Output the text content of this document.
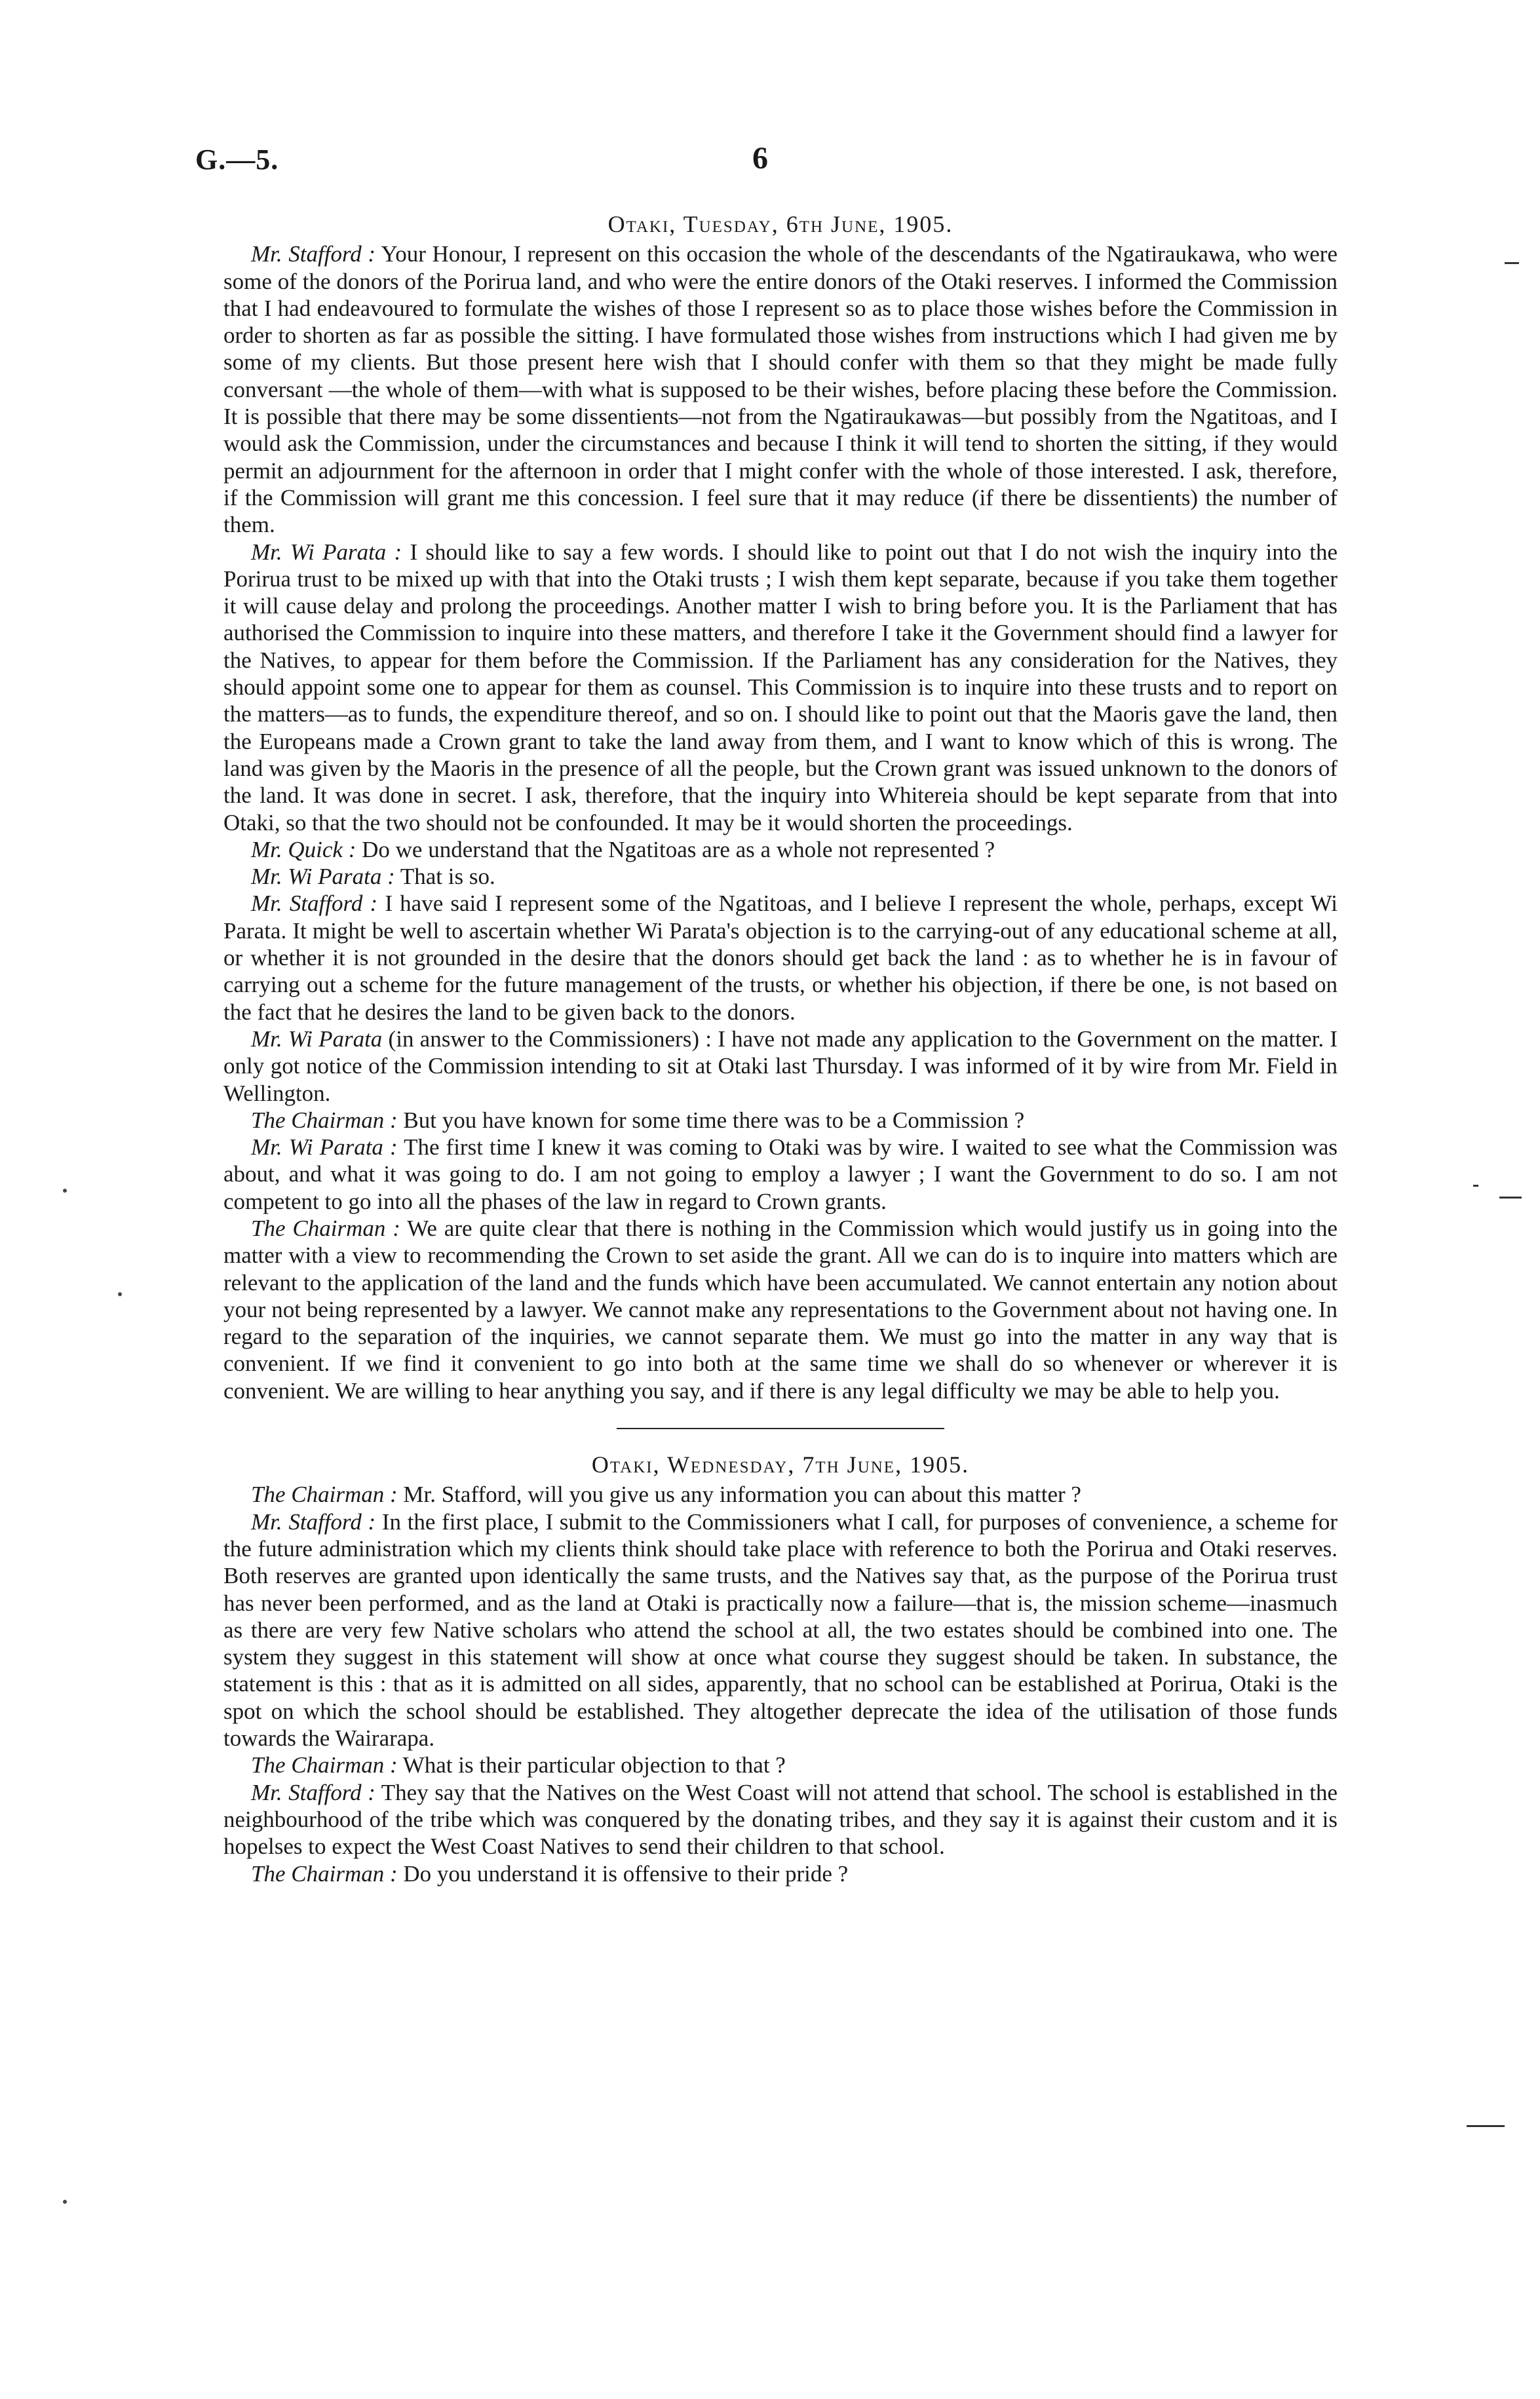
G.—5.	6
Otaki, Tuesday, 6th June, 1905.

Mr. Stafford : Your Honour, I represent on this occasion the whole of the descendants of the Ngatiraukawa, who were some of the donors of the Porirua land, and who were the entire donors of the Otaki reserves. I informed the Commission that I had endeavoured to formulate the wishes of those I represent so as to place those wishes before the Commission in order to shorten as far as possible the sitting. I have formulated those wishes from instructions which I had given me by some of my clients. But those present here wish that I should confer with them so that they might be made fully conversant —the whole of them—with what is supposed to be their wishes, before placing these before the Commission. It is possible that there may be some dissentients—not from the Ngatiraukawas—but possibly from the Ngatitoas, and I would ask the Commission, under the circumstances and because I think it will tend to shorten the sitting, if they would permit an adjournment for the afternoon in order that I might confer with the whole of those interested. I ask, therefore, if the Commission will grant me this concession. I feel sure that it may reduce (if there be dissentients) the number of them.

Mr. Wi Parata : I should like to say a few words. I should like to point out that I do not wish the inquiry into the Porirua trust to be mixed up with that into the Otaki trusts ; I wish them kept separate, because if you take them together it will cause delay and prolong the proceedings. Another matter I wish to bring before you. It is the Parliament that has authorised the Commission to inquire into these matters, and therefore I take it the Government should find a lawyer for the Natives, to appear for them before the Commission. If the Parliament has any consideration for the Natives, they should appoint some one to appear for them as counsel. This Commission is to inquire into these trusts and to report on the matters—as to funds, the expenditure thereof, and so on. I should like to point out that the Maoris gave the land, then the Europeans made a Crown grant to take the land away from them, and I want to know which of this is wrong. The land was given by the Maoris in the presence of all the people, but the Crown grant was issued unknown to the donors of the land. It was done in secret. I ask, therefore, that the inquiry into Whitereia should be kept separate from that into Otaki, so that the two should not be confounded. It may be it would shorten the proceedings.

Mr. Quick : Do we understand that the Ngatitoas are as a whole not represented ?

Mr. Wi Parata : That is so.

Mr. Stafford : I have said I represent some of the Ngatitoas, and I believe I represent the whole, perhaps, except Wi Parata. It might be well to ascertain whether Wi Parata's objection is to the carrying-out of any educational scheme at all, or whether it is not grounded in the desire that the donors should get back the land : as to whether he is in favour of carrying out a scheme for the future management of the trusts, or whether his objection, if there be one, is not based on the fact that he desires the land to be given back to the donors.

Mr. Wi Parata (in answer to the Commissioners) : I have not made any application to the Government on the matter. I only got notice of the Commission intending to sit at Otaki last Thursday. I was informed of it by wire from Mr. Field in Wellington.

The Chairman : But you have known for some time there was to be a Commission ?

Mr. Wi Parata : The first time I knew it was coming to Otaki was by wire. I waited to see what the Commission was about, and what it was going to do. I am not going to employ a lawyer ; I want the Government to do so. I am not competent to go into all the phases of the law in regard to Crown grants.

The Chairman : We are quite clear that there is nothing in the Commission which would justify us in going into the matter with a view to recommending the Crown to set aside the grant. All we can do is to inquire into matters which are relevant to the application of the land and the funds which have been accumulated. We cannot entertain any notion about your not being represented by a lawyer. We cannot make any representations to the Government about not having one. In regard to the separation of the inquiries, we cannot separate them. We must go into the matter in any way that is convenient. If we find it convenient to go into both at the same time we shall do so whenever or wherever it is convenient. We are willing to hear anything you say, and if there is any legal difficulty we may be able to help you.

Otaki, Wednesday, 7th June, 1905.

The Chairman : Mr. Stafford, will you give us any information you can about this matter ?

Mr. Stafford : In the first place, I submit to the Commissioners what I call, for purposes of convenience, a scheme for the future administration which my clients think should take place with reference to both the Porirua and Otaki reserves. Both reserves are granted upon identically the same trusts, and the Natives say that, as the purpose of the Porirua trust has never been performed, and as the land at Otaki is practically now a failure—that is, the mission scheme—inasmuch as there are very few Native scholars who attend the school at all, the two estates should be combined into one. The system they suggest in this statement will show at once what course they suggest should be taken. In substance, the statement is this : that as it is admitted on all sides, apparently, that no school can be established at Porirua, Otaki is the spot on which the school should be established. They altogether deprecate the idea of the utilisation of those funds towards the Wairarapa.

The Chairman : What is their particular objection to that ?

Mr. Stafford : They say that the Natives on the West Coast will not attend that school. The school is established in the neighbourhood of the tribe which was conquered by the donating tribes, and they say it is against their custom and it is hopelses to expect the West Coast Natives to send their children to that school.

The Chairman : Do you understand it is offensive to their pride ?
